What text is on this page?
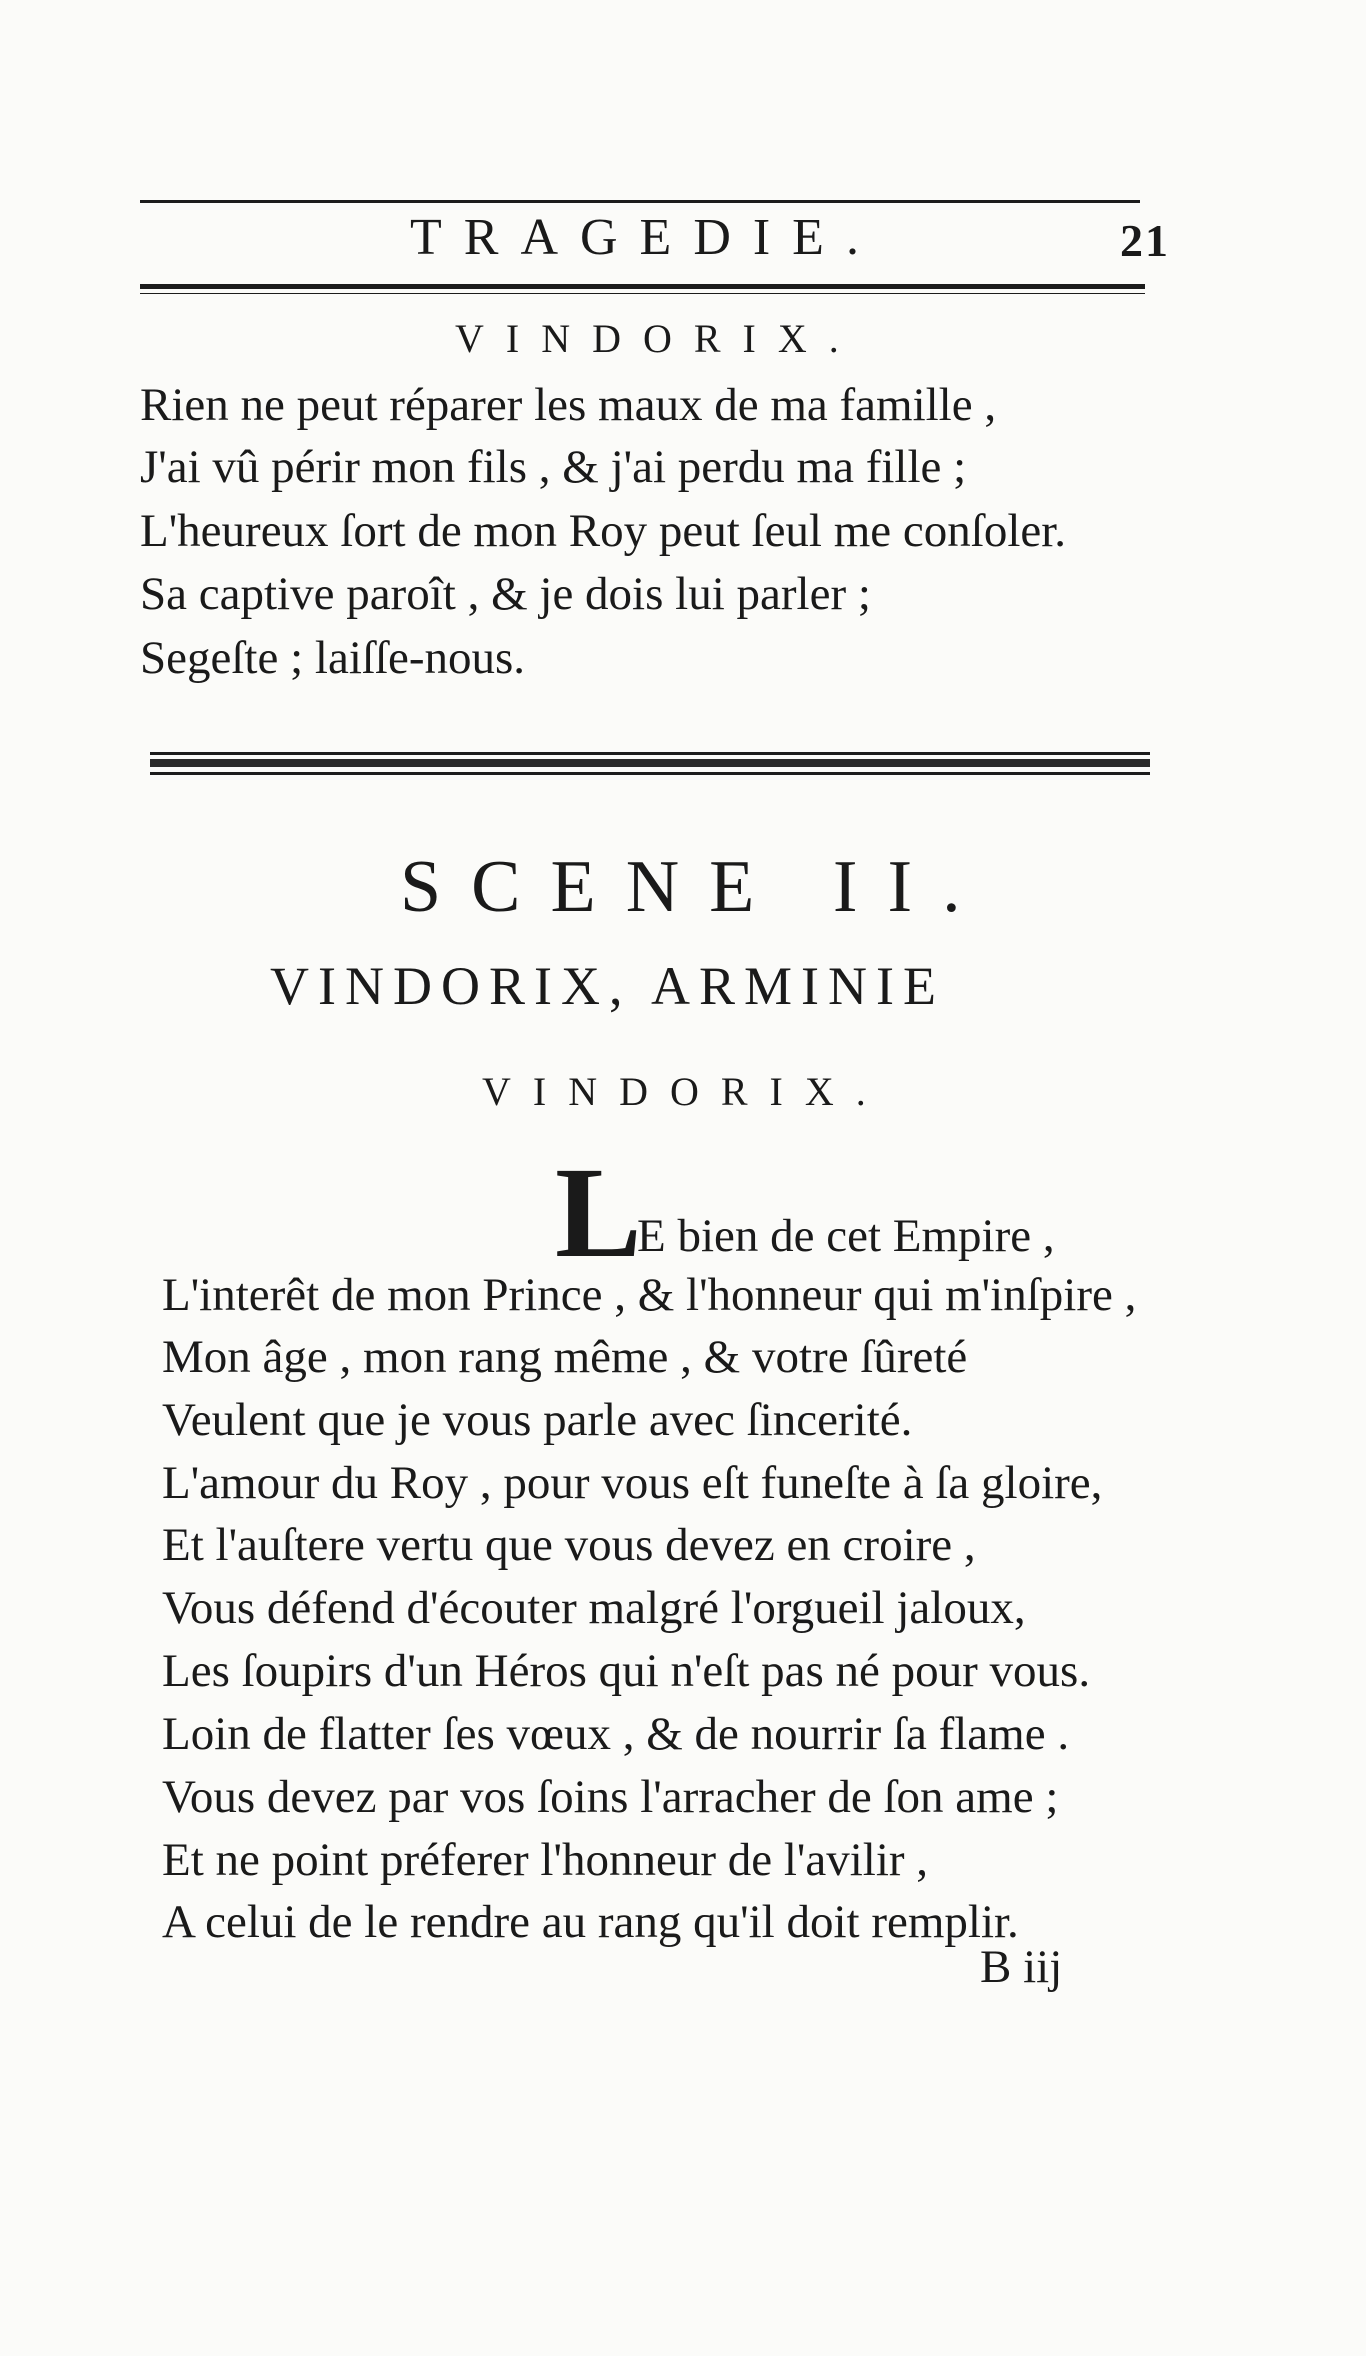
TRAGEDIE.	21
VINDORIX.
Rien ne peut réparer les maux de ma famille ,
J'ai vû périr mon fils , & j'ai perdu ma fille ;
L'heureux ſort de mon Roy peut ſeul me conſoler.
Sa captive paroît , & je dois lui parler ;
Segeſte ; laiſſe-nous.
SCENE II.
VINDORIX, ARMINIE
VINDORIX.
L
E bien de cet Empire ,
L'interêt de mon Prince , & l'honneur qui m'inſpire ,
Mon âge , mon rang même , & votre ſûreté
Veulent que je vous parle avec ſincerité.
L'amour du Roy , pour vous eſt funeſte à ſa gloire,
Et l'auſtere vertu que vous devez en croire ,
Vous défend d'écouter malgré l'orgueil jaloux,
Les ſoupirs d'un Héros qui n'eſt pas né pour vous.
Loin de flatter ſes vœux , & de nourrir ſa flame .
Vous devez par vos ſoins l'arracher de ſon ame ;
Et ne point préferer l'honneur de l'avilir ,
A celui de le rendre au rang qu'il doit remplir.
B iij
